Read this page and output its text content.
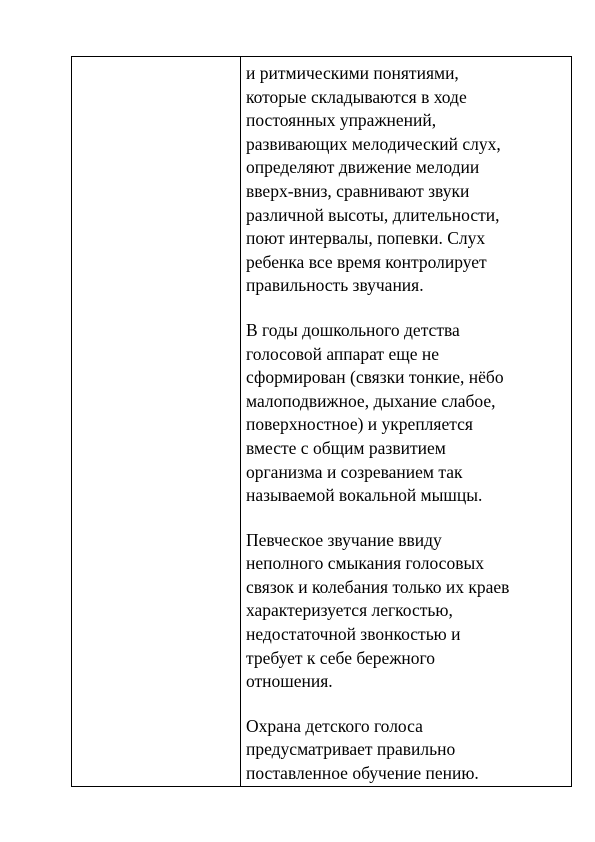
и ритмическими понятиями,
которые складываются в ходе
постоянных упражнений,
развивающих мелодический слух,
определяют движение мелодии
вверх-вниз, сравнивают звуки
различной высоты, длительности,
поют интервалы, попевки. Слух
ребенка все время контролирует
правильность звучания.

В годы дошкольного детства
голосовой аппарат еще не
сформирован (связки тонкие, нёбо
малоподвижное, дыхание слабое,
поверхностное) и укрепляется
вместе с общим развитием
организма и созреванием так
называемой вокальной мышцы.

Певческое звучание ввиду
неполного смыкания голосовых
связок и колебания только их краев
характеризуется легкостью,
недостаточной звонкостью и
требует к себе бережного
отношения.

Охрана детского голоса
предусматривает правильно
поставленное обучение пению.
